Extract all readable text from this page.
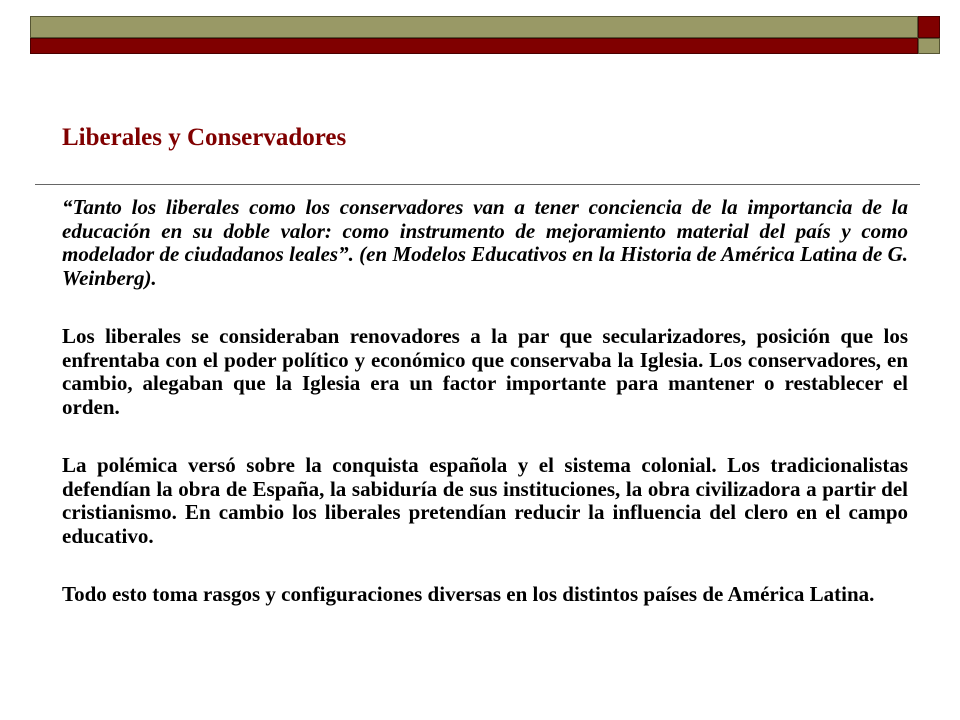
Liberales y Conservadores

“Tanto los liberales como los conservadores van a tener conciencia de la importancia de la educación en su doble valor: como instrumento de mejoramiento material del país y como modelador de ciudadanos leales”. (en Modelos Educativos en la Historia de América Latina de G. Weinberg).

Los liberales se consideraban renovadores a la par que secularizadores, posición que los enfrentaba con el poder político y económico que conservaba la Iglesia. Los conservadores, en cambio, alegaban que la Iglesia era un factor importante para mantener o restablecer el orden.

La polémica versó sobre la conquista española y el sistema colonial. Los tradicionalistas defendían la obra de España, la sabiduría de sus instituciones, la obra civilizadora a partir del cristianismo. En cambio los liberales pretendían reducir la influencia del clero en el campo educativo.

Todo esto toma rasgos y configuraciones diversas en los distintos países de América Latina.
